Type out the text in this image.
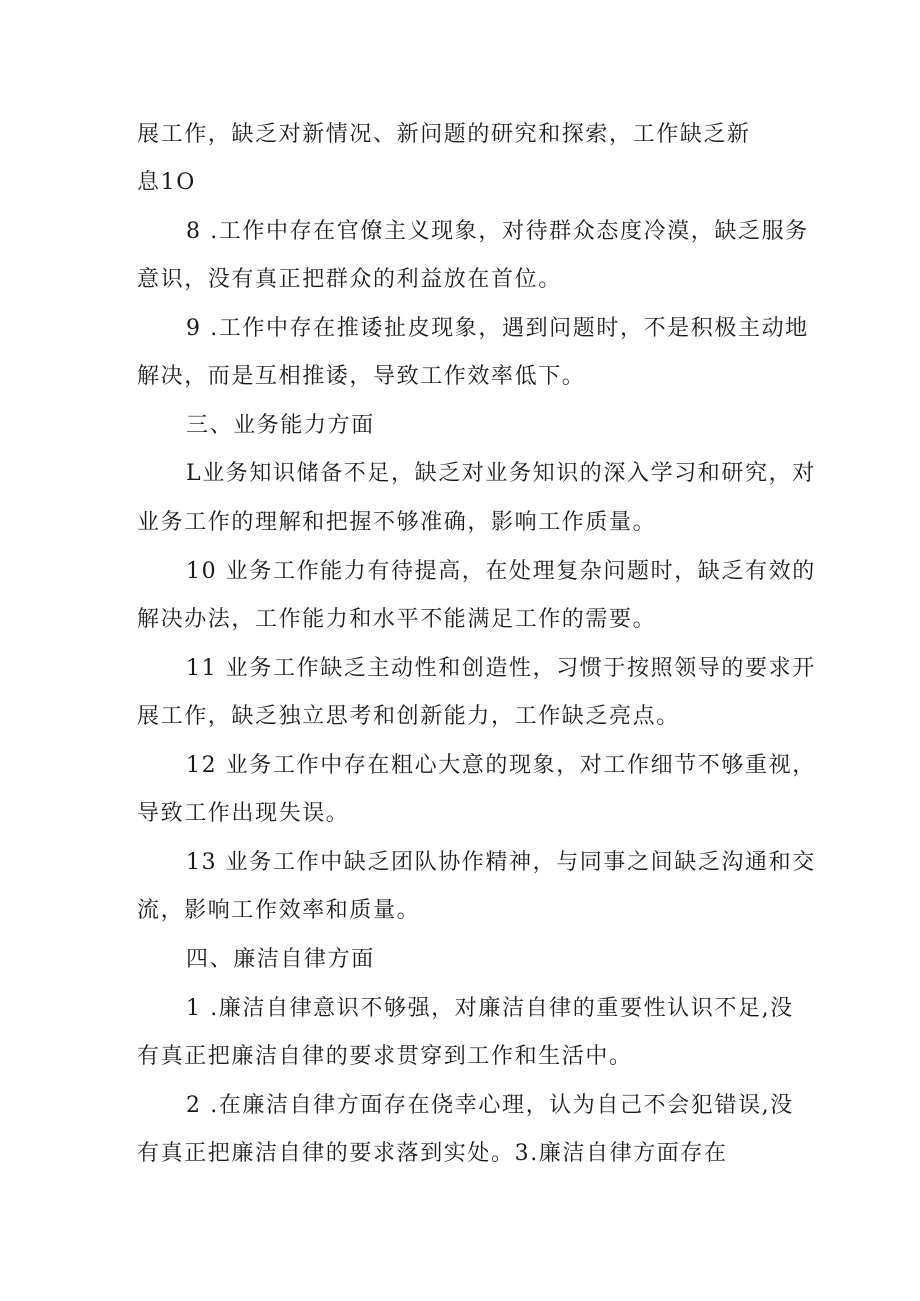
展工作，缺乏对新情况、新问题的研究和探索，工作缺乏新

息1O

8 .工作中存在官僚主义现象，对待群众态度冷漠，缺乏服务

意识，没有真正把群众的利益放在首位。

9 .工作中存在推诿扯皮现象，遇到问题时，不是积极主动地

解决，而是互相推诿，导致工作效率低下。

三、业务能力方面

L业务知识储备不足，缺乏对业务知识的深入学习和研究，对

业务工作的理解和把握不够准确，影响工作质量。

10 业务工作能力有待提高，在处理复杂问题时，缺乏有效的

解决办法，工作能力和水平不能满足工作的需要。

11 业务工作缺乏主动性和创造性，习惯于按照领导的要求开

展工作，缺乏独立思考和创新能力，工作缺乏亮点。

12 业务工作中存在粗心大意的现象，对工作细节不够重视，

导致工作出现失误。

13 业务工作中缺乏团队协作精神，与同事之间缺乏沟通和交

流，影响工作效率和质量。

四、廉洁自律方面

1 .廉洁自律意识不够强，对廉洁自律的重要性认识不足,没

有真正把廉洁自律的要求贯穿到工作和生活中。

2 .在廉洁自律方面存在侥幸心理，认为自己不会犯错误,没

有真正把廉洁自律的要求落到实处。3.廉洁自律方面存在
